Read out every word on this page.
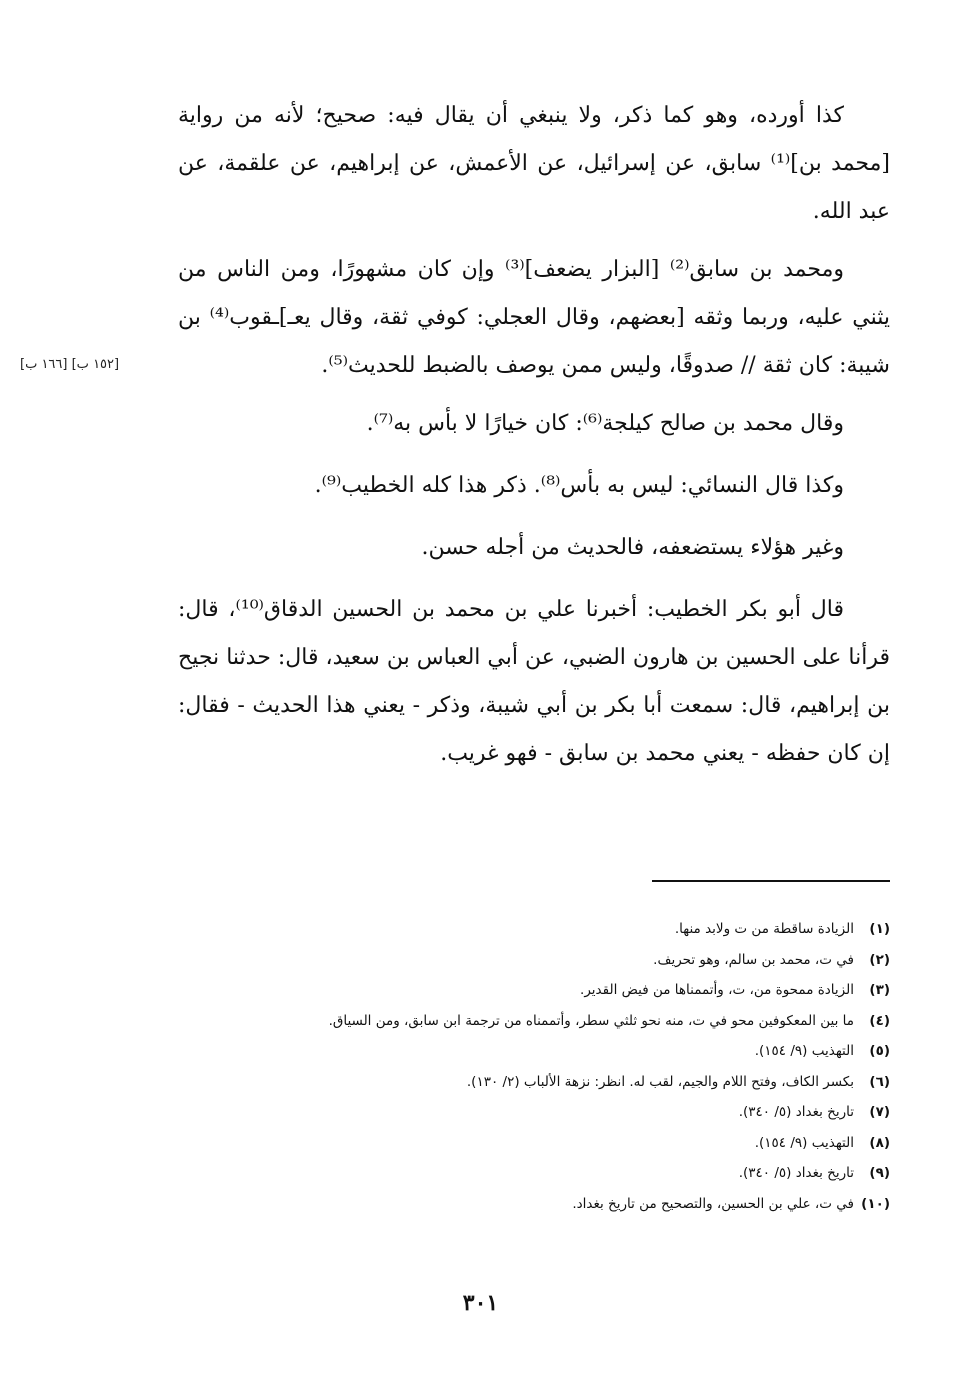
كذا أورده، وهو كما ذكر، ولا ينبغي أن يقال فيه: صحيح؛ لأنه من رواية [محمد بن]⁽¹⁾ سابق، عن إسرائيل، عن الأعمش، عن إبراهيم، عن علقمة، عن عبد الله.

ومحمد بن سابق⁽²⁾ [البزار يضعف]⁽³⁾ وإن كان مشهورًا، ومن الناس من يثني عليه، وربما وثقه [بعضهم، وقال العجلي: كوفي ثقة، وقال يعـ]ـقوب⁽⁴⁾ بن شيبة: كان ثقة // صدوقًا، وليس ممن يوصف بالضبط للحديث⁽⁵⁾.

وقال محمد بن صالح كيلجة⁽⁶⁾: كان خيارًا لا بأس به⁽⁷⁾.

وكذا قال النسائي: ليس به بأس⁽⁸⁾. ذكر هذا كله الخطيب⁽⁹⁾.

وغير هؤلاء يستضعفه، فالحديث من أجله حسن.

قال أبو بكر الخطيب: أخبرنا علي بن محمد بن الحسين الدقاق⁽¹⁰⁾، قال: قرأنا على الحسين بن هارون الضبي، عن أبي العباس بن سعيد، قال: حدثنا نجيح بن إبراهيم، قال: سمعت أبا بكر بن أبي شيبة، وذكر - يعني هذا الحديث - فقال: إن كان حفظه - يعني محمد بن سابق - فهو غريب.

[١٥٢ ب] [١٦٦ ب]
(١)
الزيادة ساقطة من ت ولابد منها.
(٢)
في ت، محمد بن سالم، وهو تحريف.
(٣)
الزيادة ممحوة من، ت، وأتممناها من فيض القدير.
(٤)
ما بين المعكوفين محو في ت، منه نحو ثلثي سطر، وأتممناه من ترجمة ابن سابق، ومن السياق.
(٥)
التهذيب (٩/ ١٥٤).
(٦)
بكسر الكاف، وفتح اللام والجيم، لقب له. انظر: نزهة الألباب (٢/ ١٣٠).
(٧)
تاريخ بغداد (٥/ ٣٤٠).
(٨)
التهذيب (٩/ ١٥٤).
(٩)
تاريخ بغداد (٥/ ٣٤٠).
(١٠)
في ت، علي بن الحسين، والتصحيح من تاريخ بغداد.
٣٠١
